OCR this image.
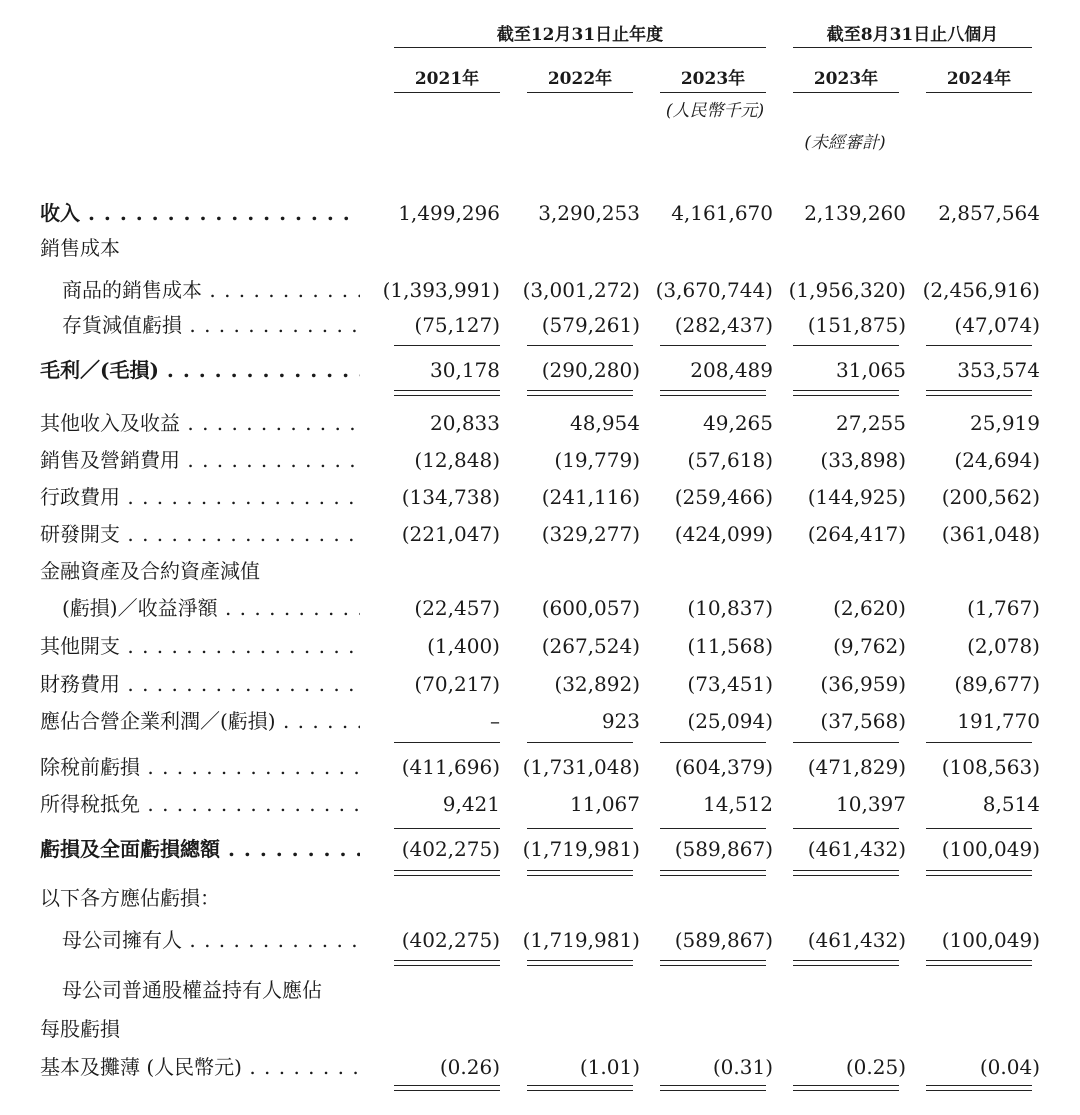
截至12月31日止年度	截至8月31日止八個月
2021年	2022年	2023年	2023年	2024年
(人民幣千元)
(未經審計)
收入 . . .	1,499,296	3,290,253	4,161,670	2,139,260	2,857,564
銷售成本
商品的銷售成本 . . .	(1,393,991)	(3,001,272) (3,670,744) (1,956,320) (2,456,916)
存貨減值虧損 . . .	(75,127)	(579,261)	(282,437)	(151,875)	(47,074)
毛利／(毛損) . . .	30,178	(290,280)	208,489	31,065	353,574
其他收入及收益 . . .	20,833	48,954	49,265	27,255	25,919
銷售及營銷費用 . . .	(12,848)	(19,779)	(57,618)	(33,898)	(24,694)
行政費用 . . .	(134,738)	(241,116)	(259,466)	(144,925)	(200,562)
研發開支 . . .	(221,047)	(329,277)	(424,099)	(264,417)	(361,048)
金融資產及合約資產減值
(虧損)／收益淨額 . . .	(22,457)	(600,057)	(10,837)	(2,620)	(1,767)
其他開支 . . .	(1,400)	(267,524)	(11,568)	(9,762)	(2,078)
財務費用 . . .	(70,217)	(32,892)	(73,451)	(36,959)	(89,677)
應佔合營企業利潤／(虧損) . . .	–	923	(25,094)	(37,568)	191,770
除稅前虧損 . . .	(411,696)	(1,731,048)	(604,379)	(471,829)	(108,563)
所得稅抵免 . . .	9,421	11,067	14,512	10,397	8,514
虧損及全面虧損總額 . . .	(402,275)	(1,719,981)	(589,867)	(461,432)	(100,049)
以下各方應佔虧損：
母公司擁有人 . . .	(402,275)	(1,719,981)	(589,867)	(461,432)	(100,049)
母公司普通股權益持有人應佔
每股虧損
基本及攤薄 (人民幣元) . . .	(0.26)	(1.01)	(0.31)	(0.25)	(0.04)
